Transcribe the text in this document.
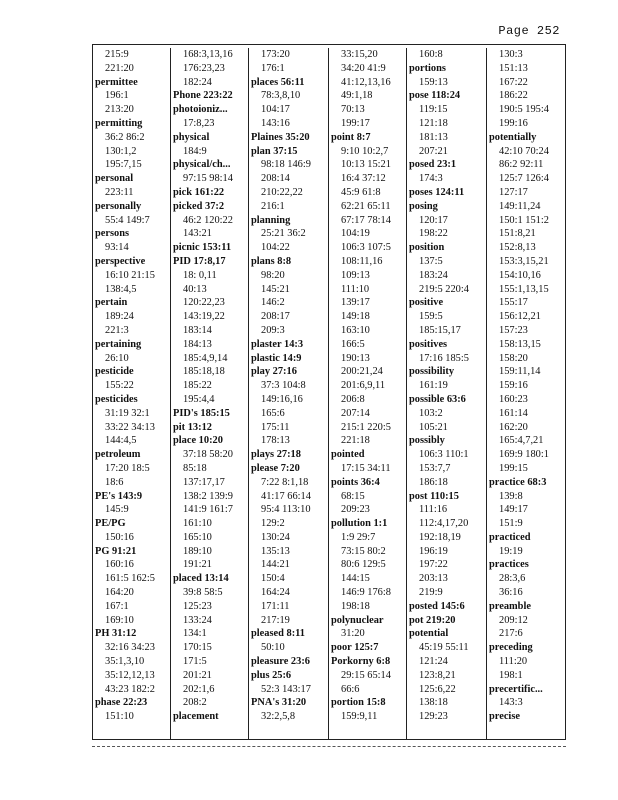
Page 252
215:9
221:20
permittee
196:1
213:20
permitting
36:2 86:2
130:1,2
195:7,15
personal
223:11
personally
55:4 149:7
persons
93:14
perspective
16:10 21:15
138:4,5
pertain
189:24
221:3
pertaining
26:10
pesticide
155:22
pesticides
31:19 32:1
33:22 34:13
144:4,5
petroleum
17:20 18:5
18:6
PE's 143:9
145:9
PE/PG
150:16
PG 91:21
160:16
161:5 162:5
164:20
167:1
169:10
PH 31:12
32:16 34:23
35:1,3,10
35:12,12,13
43:23 182:2
phase 22:23
151:10
168:3,13,16
176:23,23
182:24
Phone 223:22
photoioniz...
17:8,23
physical
184:9
physical/ch...
97:15 98:14
pick 161:22
picked 37:2
46:2 120:22
143:21
picnic 153:11
PID 17:8,17
18: 0,11
40:13
120:22,23
143:19,22
183:14
184:13
185:4,9,14
185:18,18
185:22
195:4,4
PID's 185:15
pit 13:12
place 10:20
37:18 58:20
85:18
137:17,17
138:2 139:9
141:9 161:7
161:10
165:10
189:10
191:21
placed 13:14
39:8 58:5
125:23
133:24
134:1
170:15
171:5
201:21
202:1,6
208:2
placement
173:20
176:1
places 56:11
78:3,8,10
104:17
143:16
Plaines 35:20
plan 37:15
98:18 146:9
208:14
210:22,22
216:1
planning
25:21 36:2
104:22
plans 8:8
98:20
145:21
146:2
208:17
209:3
plaster 14:3
plastic 14:9
play 27:16
37:3 104:8
149:16,16
165:6
175:11
178:13
plays 27:18
please 7:20
7:22 8:1,18
41:17 66:14
95:4 113:10
129:2
130:24
135:13
144:21
150:4
164:24
171:11
217:19
pleased 8:11
50:10
pleasure 23:6
plus 25:6
52:3 143:17
PNA's 31:20
32:2,5,8
33:15,20
34:20 41:9
41:12,13,16
49:1,18
70:13
199:17
point 8:7
9:10 10:2,7
10:13 15:21
16:4 37:12
45:9 61:8
62:21 65:11
67:17 78:14
104:19
106:3 107:5
108:11,16
109:13
111:10
139:17
149:18
163:10
166:5
190:13
200:21,24
201:6,9,11
206:8
207:14
215:1 220:5
221:18
pointed
17:15 34:11
points 36:4
68:15
209:23
pollution 1:1
1:9 29:7
73:15 80:2
80:6 129:5
144:15
146:9 176:8
198:18
polynuclear
31:20
poor 125:7
Porkorny 6:8
29:15 65:14
66:6
portion 15:8
159:9,11
160:8
portions
159:13
pose 118:24
119:15
121:18
181:13
207:21
posed 23:1
174:3
poses 124:11
posing
120:17
198:22
position
137:5
183:24
219:5 220:4
positive
159:5
185:15,17
positives
17:16 185:5
possibility
161:19
possible 63:6
103:2
105:21
possibly
106:3 110:1
153:7,7
186:18
post 110:15
111:16
112:4,17,20
192:18,19
196:19
197:22
203:13
219:9
posted 145:6
pot 219:20
potential
45:19 55:11
121:24
123:8,21
125:6,22
138:18
129:23
130:3
151:13
167:22
186:22
190:5 195:4
199:16
potentially
42:10 70:24
86:2 92:11
125:7 126:4
127:17
149:11,24
150:1 151:2
151:8,21
152:8,13
153:3,15,21
154:10,16
155:1,13,15
155:17
156:12,21
157:23
158:13,15
158:20
159:11,14
159:16
160:23
161:14
162:20
165:4,7,21
169:9 180:1
199:15
practice 68:3
139:8
149:17
151:9
practiced
19:19
practices
28:3,6
36:16
preamble
209:12
217:6
preceding
111:20
198:1
precertific...
143:3
precise
